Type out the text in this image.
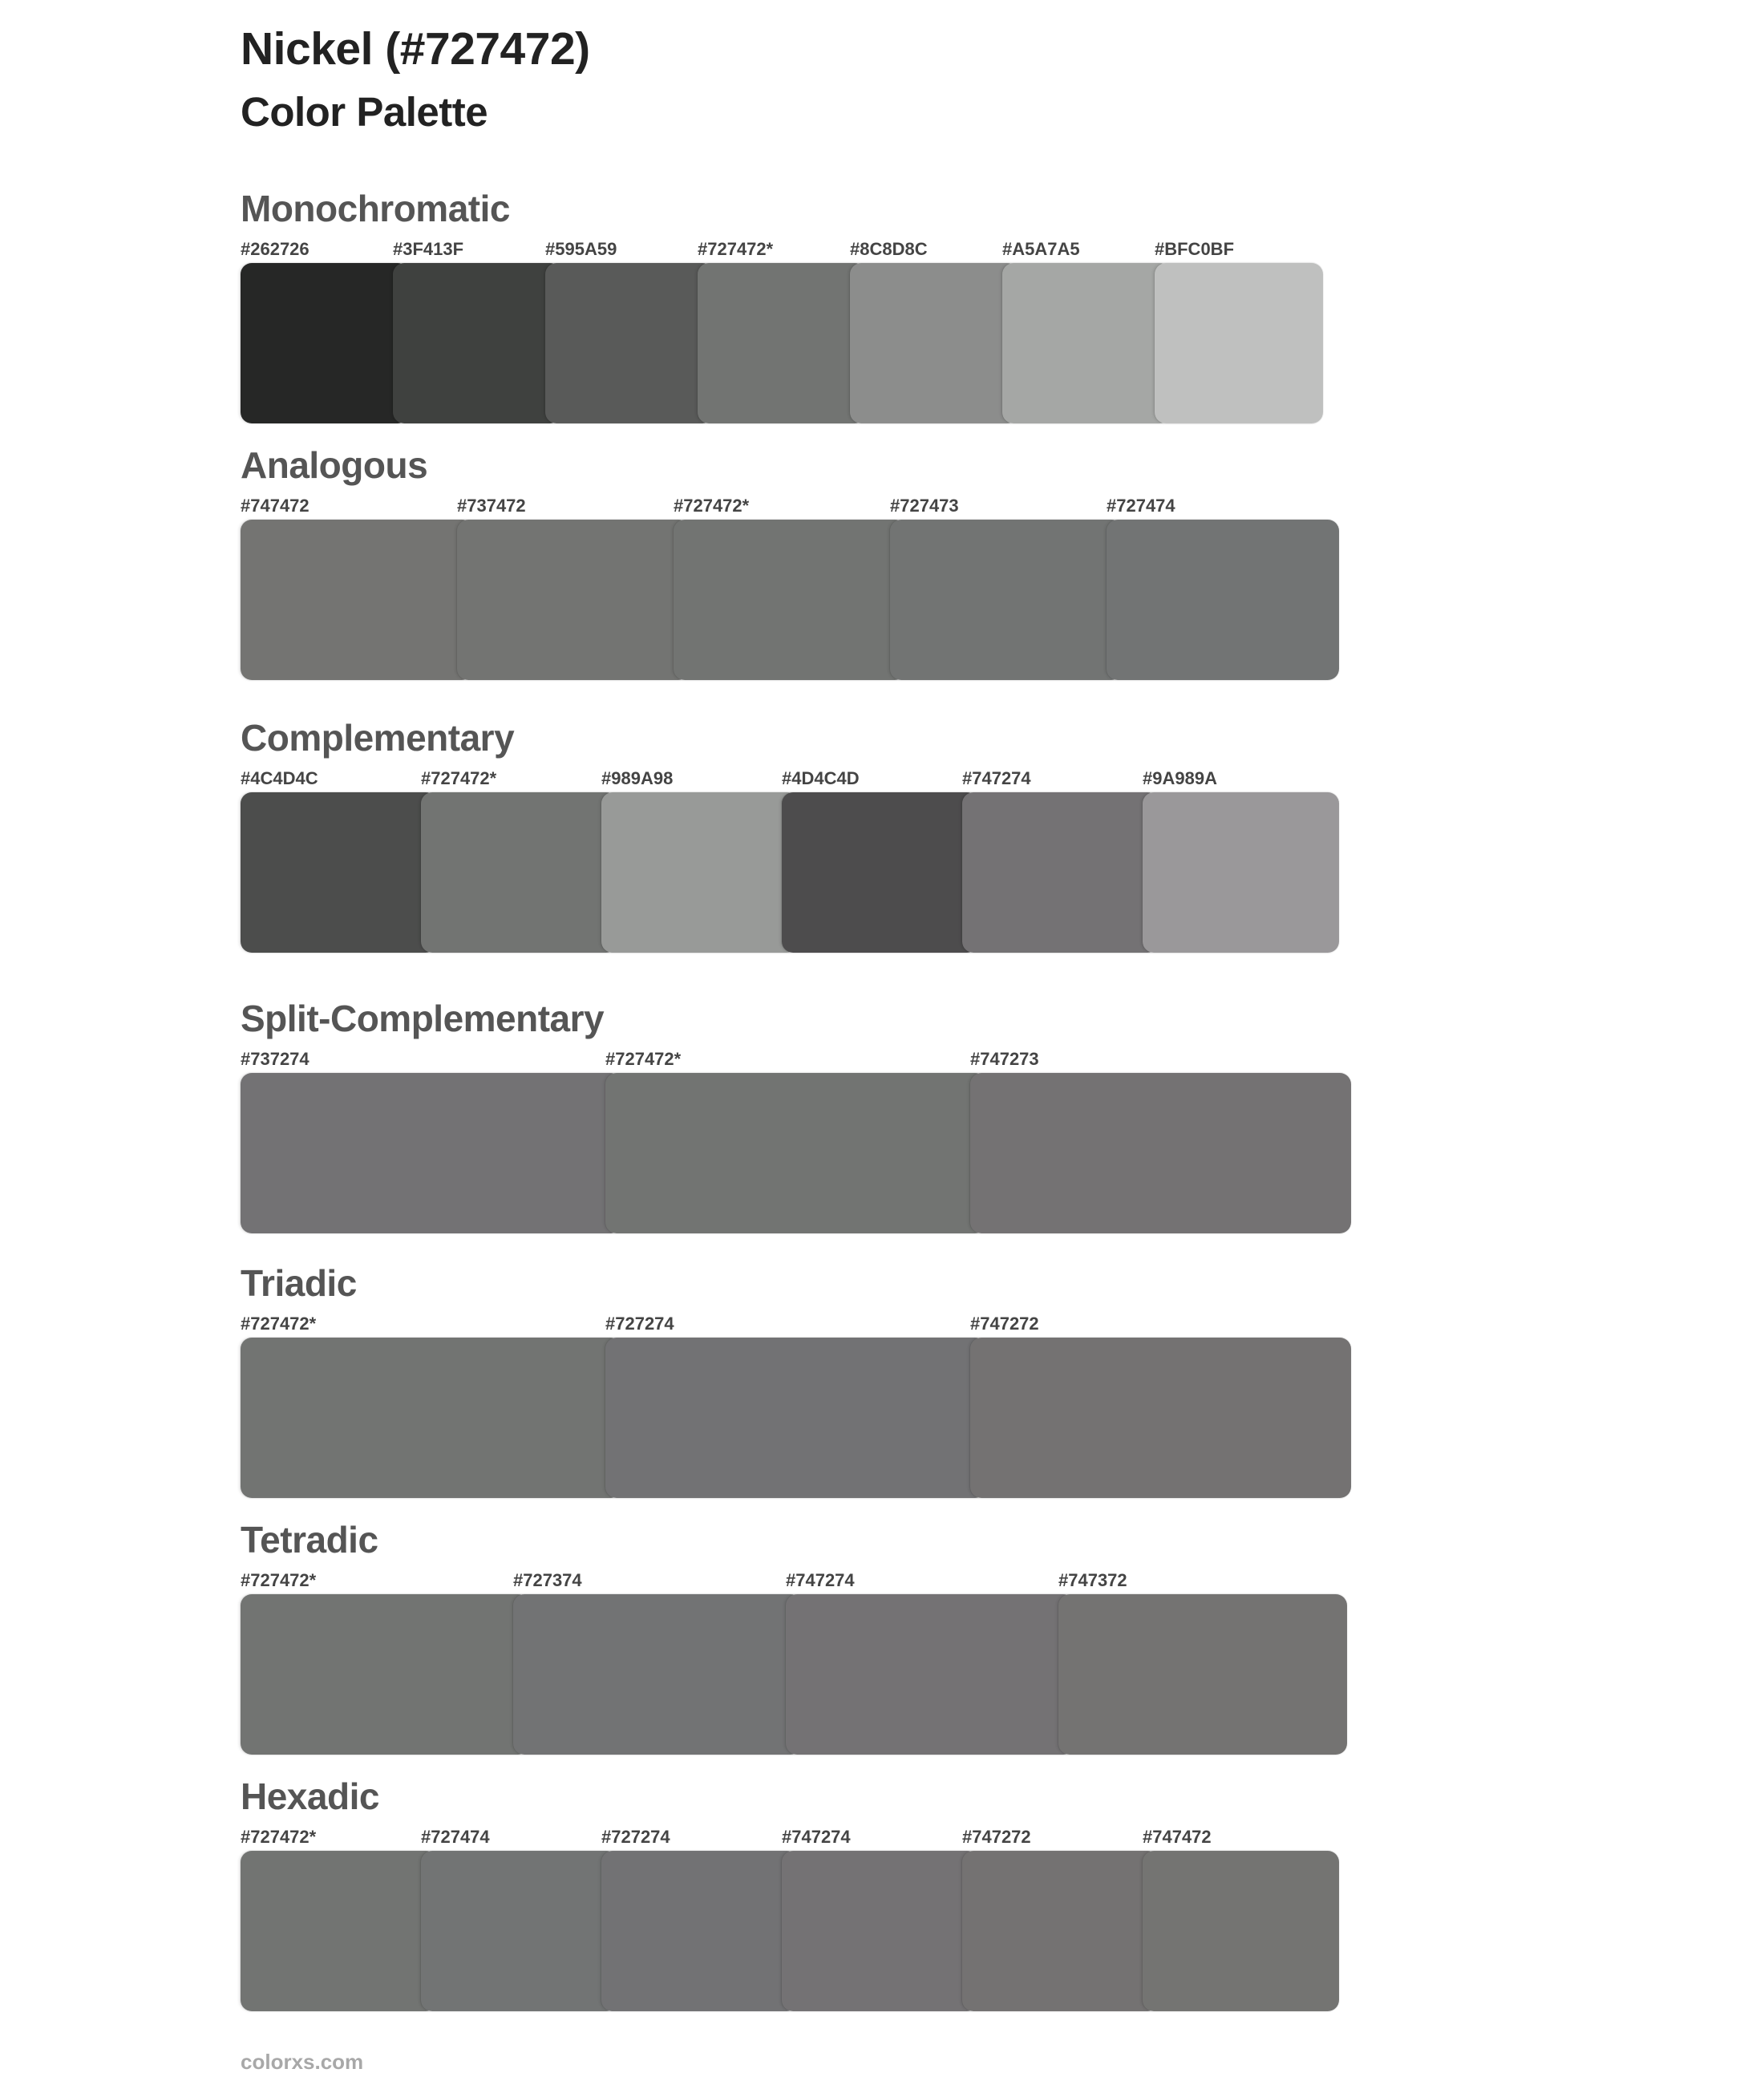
Nickel (#727472)
Color Palette
Monochromatic
#262726	#3F413F	#595A59	#727472*	#8C8D8C	#A5A7A5	#BFC0BF
Analogous
#747472	#737472	#727472*	#727473	#727474
Complementary
#4C4D4C	#727472*	#989A98	#4D4C4D	#747274	#9A989A
Split-Complementary
#737274	#727472*	#747273
Triadic
#727472*	#727274	#747272
Tetradic
#727472*	#727374	#747274	#747372
Hexadic
#727472*	#727474	#727274	#747274	#747272	#747472
colorxs.com
